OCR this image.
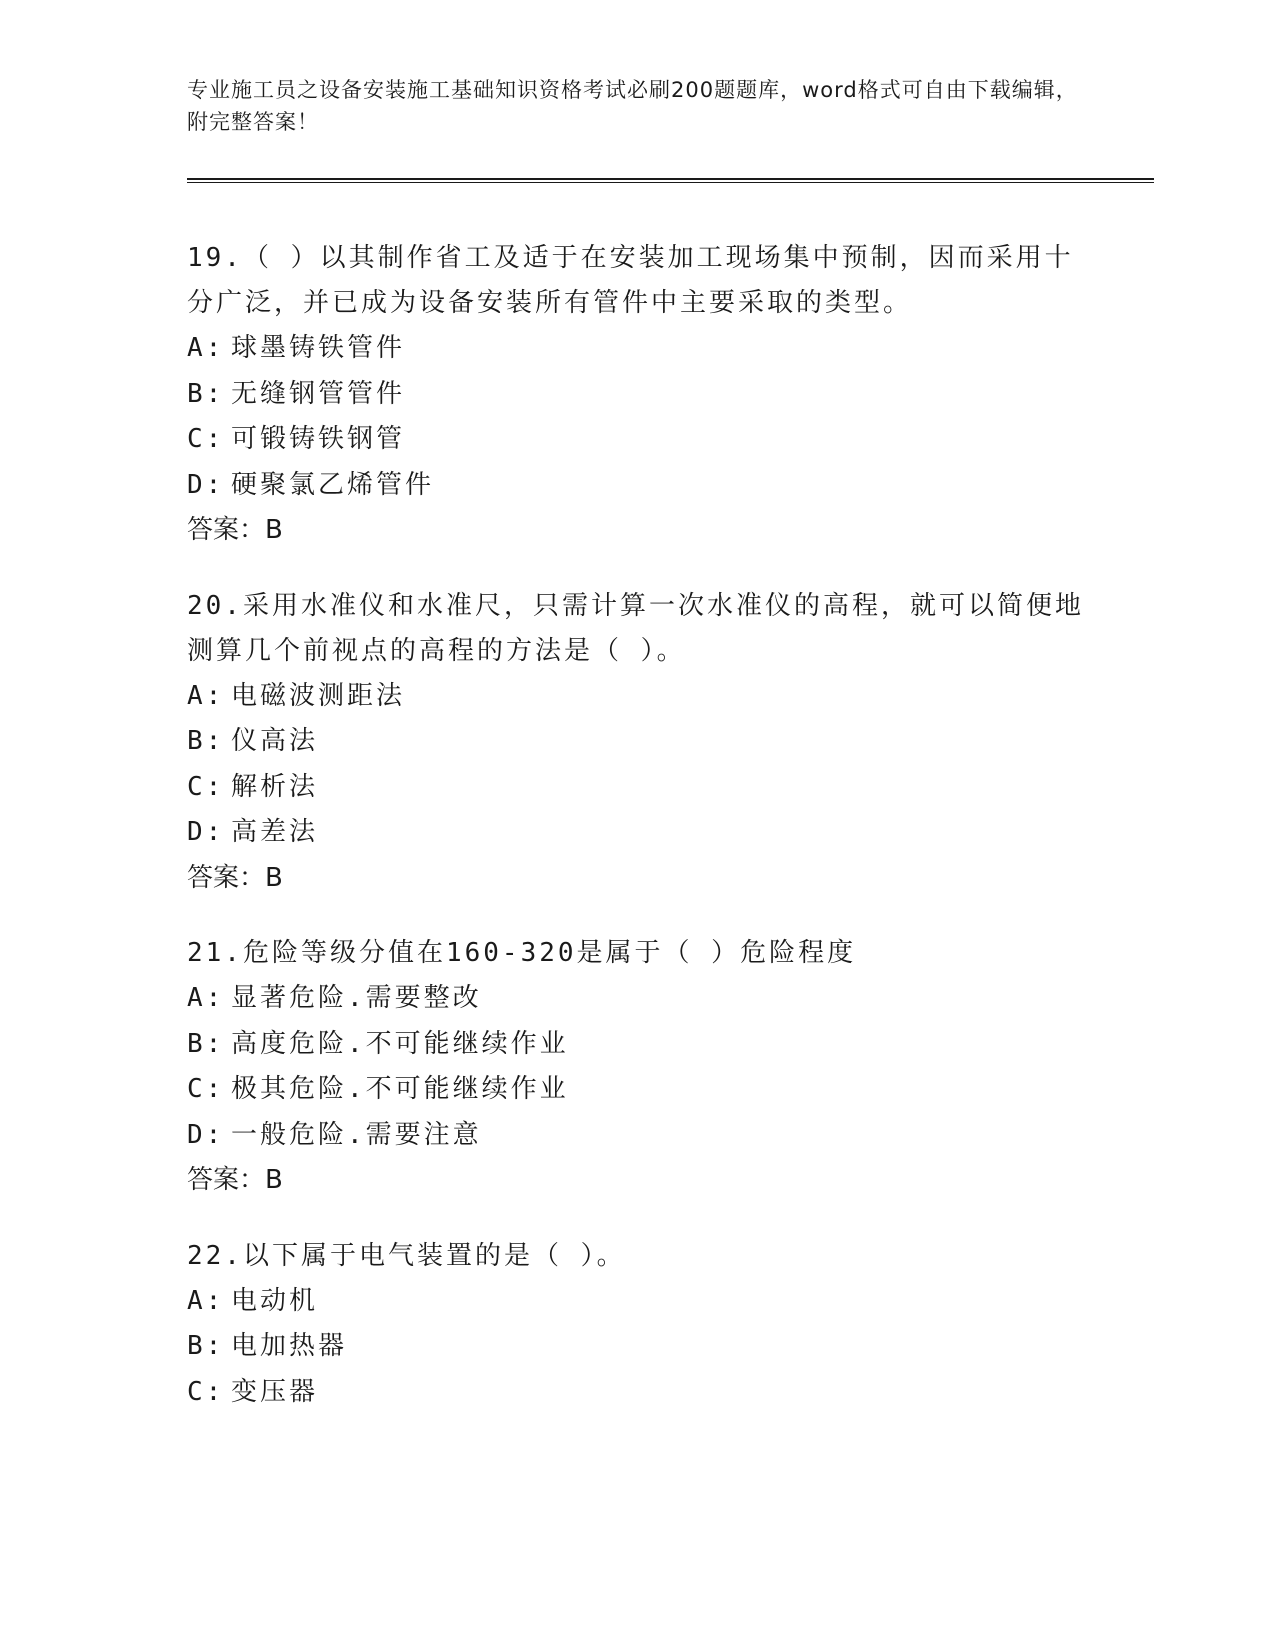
专业施工员之设备安装施工基础知识资格考试必刷200题题库，word格式可自由下载编辑，附完整答案！

19.（ ）以其制作省工及适于在安装加工现场集中预制，因而采用十分广泛，并已成为设备安装所有管件中主要采取的类型。

A: 球墨铸铁管件

B: 无缝钢管管件

C: 可锻铸铁钢管

D: 硬聚氯乙烯管件

答案：B

20.采用水准仪和水准尺，只需计算一次水准仪的高程，就可以简便地测算几个前视点的高程的方法是（ ）。

A: 电磁波测距法

B: 仪高法

C: 解析法

D: 高差法

答案：B

21.危险等级分值在160-320是属于（ ）危险程度

A: 显著危险.需要整改

B: 高度危险.不可能继续作业

C: 极其危险.不可能继续作业

D: 一般危险.需要注意

答案：B

22.以下属于电气装置的是（ ）。

A: 电动机

B: 电加热器

C: 变压器
